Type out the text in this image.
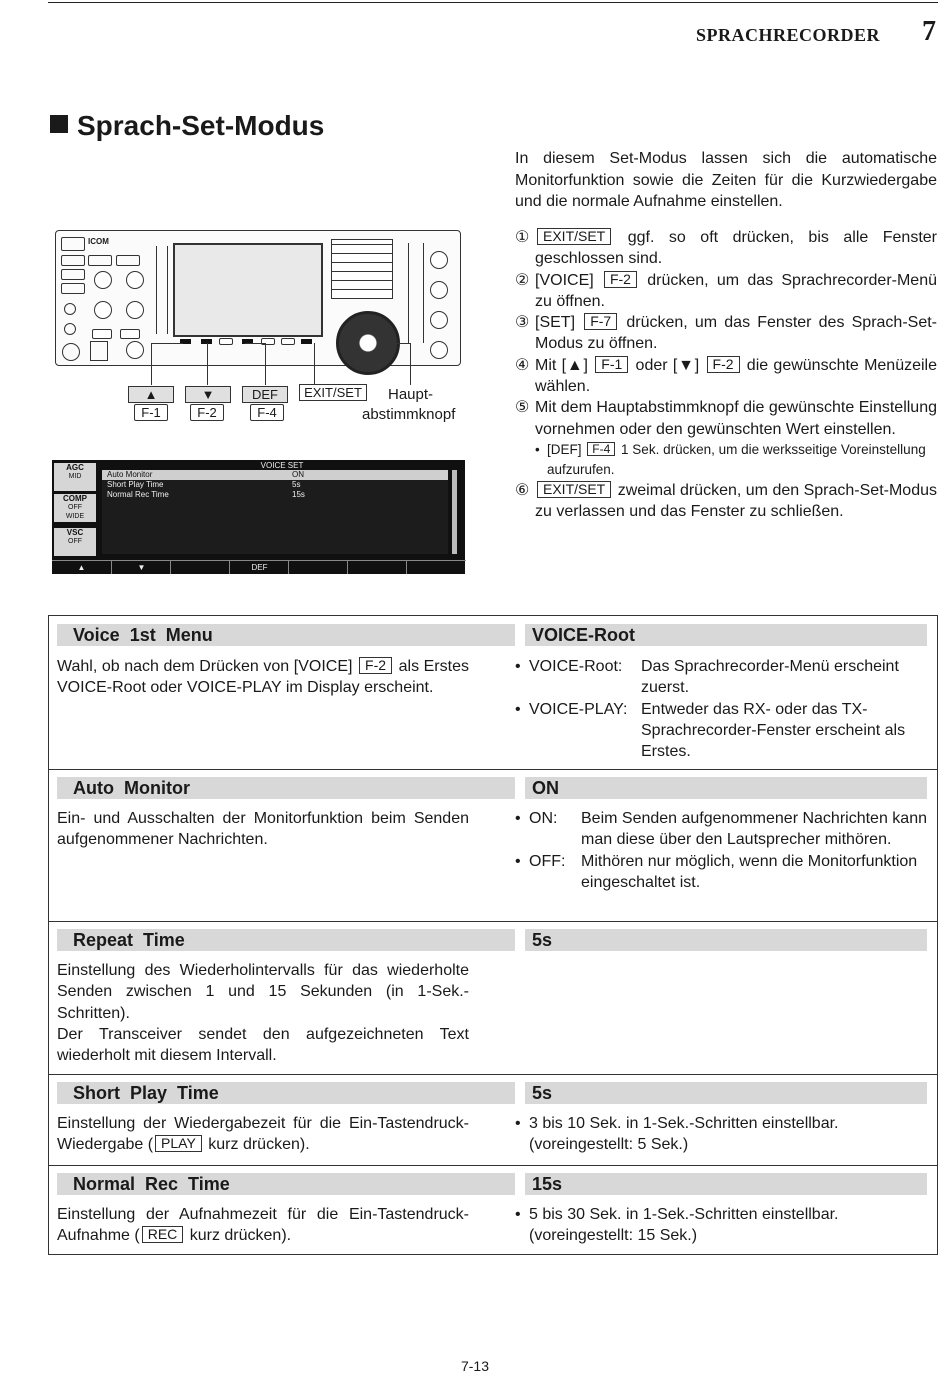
SPRACHRECORDER 7
Sprach-Set-Modus
In diesem Set-Modus lassen sich die automatische Monitorfunktion sowie die Zeiten für die Kurzwiedergabe und die normale Aufnahme einstellen.
① EXIT/SET ggf. so oft drücken, bis alle Fenster geschlossen sind.
② [VOICE] F-2 drücken, um das Sprachrecorder-Menü zu öffnen.
③ [SET] F-7 drücken, um das Fenster des Sprach-Set-Modus zu öffnen.
④ Mit [▲] F-1 oder [▼] F-2 die gewünschte Menüzeile wählen.
⑤ Mit dem Hauptabstimmknopf die gewünschte Einstellung vornehmen oder den gewünschten Wert einstellen.
• [DEF] F-4 1 Sek. drücken, um die werksseitige Voreinstellung aufzurufen.
⑥ EXIT/SET zweimal drücken, um den Sprach-Set-Modus zu verlassen und das Fenster zu schließen.
ICOM
▲	▼	DEF	EXIT/SET
F-1	F-2	F-4
Haupt-
abstimmknopf
AGC
MID
COMP
OFF
WIDE
VSC
OFF
VOICE SET
Auto Monitor	ON
Short Play Time	5s
Normal Rec Time	15s
▲	▼	DEF
Voice  1st  Menu	VOICE-Root
Wahl, ob nach dem Drücken von [VOICE] F-2 als Erstes VOICE-Root oder VOICE-PLAY im Display erscheint.
• VOICE-Root:	Das Sprachrecorder-Menü erscheint zuerst.
• VOICE-PLAY: Entweder das RX- oder das TX-Sprachrecorder-Fenster erscheint als Erstes.
Auto  Monitor	ON
Ein- und Ausschalten der Monitorfunktion beim Senden aufgenommener Nachrichten.
• ON:	Beim Senden aufgenommener Nachrichten kann man diese über den Lautsprecher mithören.
• OFF: Mithören nur möglich, wenn die Monitorfunktion eingeschaltet ist.
Repeat  Time	5s
Einstellung des Wiederholintervalls für das wiederholte Senden zwischen 1 und 15 Sekunden (in 1-Sek.-Schritten).
Der Transceiver sendet den aufgezeichneten Text wiederholt mit diesem Intervall.
Short  Play  Time	5s
Einstellung der Wiedergabezeit für die Ein-Tastendruck-Wiedergabe ( PLAY kurz drücken).
• 3 bis 10 Sek. in 1-Sek.-Schritten einstellbar. (voreingestellt: 5 Sek.)
Normal  Rec  Time	15s
Einstellung der Aufnahmezeit für die Ein-Tastendruck-Aufnahme ( REC kurz drücken).
• 5 bis 30 Sek. in 1-Sek.-Schritten einstellbar. (voreingestellt: 15 Sek.)
7-13
